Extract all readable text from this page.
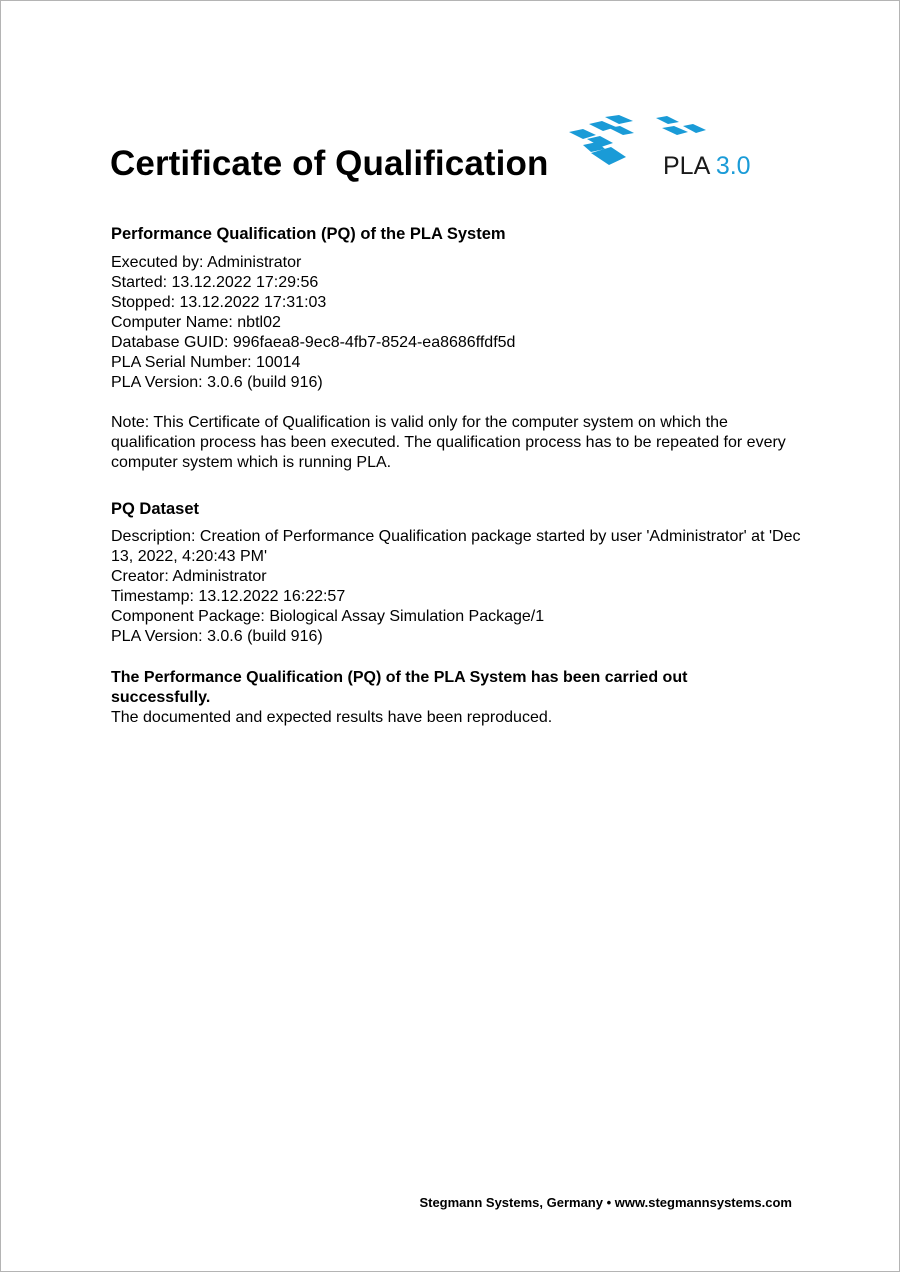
PLA 3.0
Certificate of Qualification
Performance Qualification (PQ) of the PLA System
Executed by: Administrator
Started: 13.12.2022 17:29:56
Stopped: 13.12.2022 17:31:03
Computer Name: nbtl02
Database GUID: 996faea8-9ec8-4fb7-8524-ea8686ffdf5d
PLA Serial Number: 10014
PLA Version: 3.0.6 (build 916)
Note: This Certificate of Qualification is valid only for the computer system on which the qualification process has been executed. The qualification process has to be repeated for every computer system which is running PLA.
PQ Dataset
Description: Creation of Performance Qualification package started by user 'Administrator' at 'Dec 13, 2022, 4:20:43 PM'
Creator: Administrator
Timestamp: 13.12.2022 16:22:57
Component Package: Biological Assay Simulation Package/1
PLA Version: 3.0.6 (build 916)
The Performance Qualification (PQ) of the PLA System has been carried out successfully.
The documented and expected results have been reproduced.
Stegmann Systems, Germany • www.stegmannsystems.com
